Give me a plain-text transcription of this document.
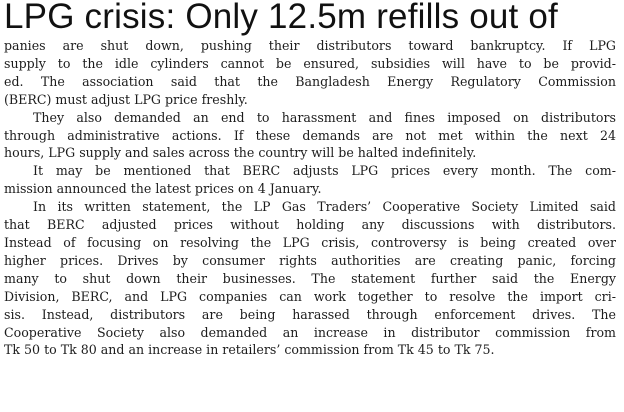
LPG crisis: Only 12.5m refills out of
panies are shut down, pushing their distributors toward bankruptcy. If LPG
supply to the idle cylinders cannot be ensured, subsidies will have to be provid-
ed. The association said that the Bangladesh Energy Regulatory Commission
(BERC) must adjust LPG price freshly.
They also demanded an end to harassment and fines imposed on distributors
through administrative actions. If these demands are not met within the next 24
hours, LPG supply and sales across the country will be halted indefinitely.
It may be mentioned that BERC adjusts LPG prices every month. The com-
mission announced the latest prices on 4 January.
In its written statement, the LP Gas Traders’ Cooperative Society Limited said
that BERC adjusted prices without holding any discussions with distributors.
Instead of focusing on resolving the LPG crisis, controversy is being created over
higher prices. Drives by consumer rights authorities are creating panic, forcing
many to shut down their businesses. The statement further said the Energy
Division, BERC, and LPG companies can work together to resolve the import cri-
sis. Instead, distributors are being harassed through enforcement drives. The
Cooperative Society also demanded an increase in distributor commission from
Tk 50 to Tk 80 and an increase in retailers’ commission from Tk 45 to Tk 75.
